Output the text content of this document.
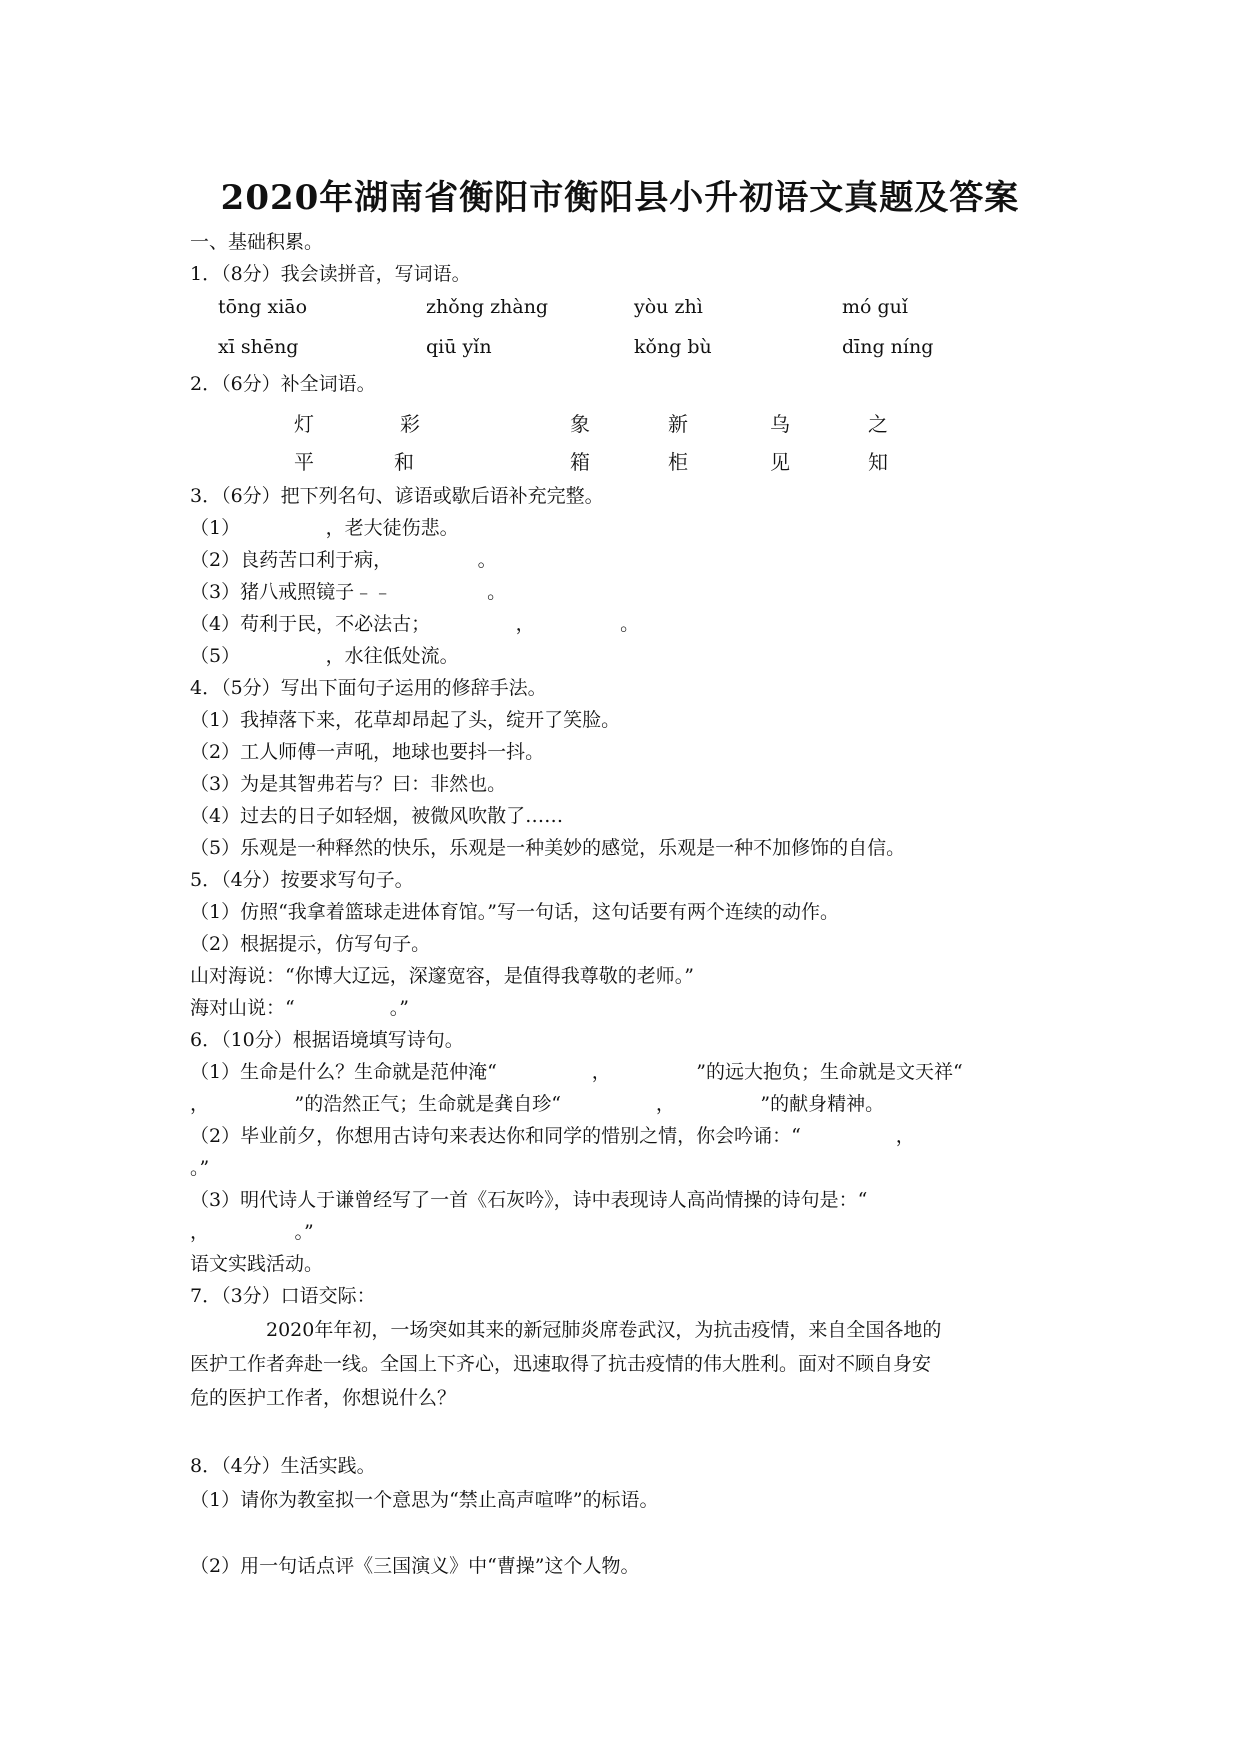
2020年湖南省衡阳市衡阳县小升初语文真题及答案
一、基础积累。
1．（8分）我会读拼音，写词语。
tōng xiāo	zhǒng zhàng	yòu zhì	mó guǐ
xī shēng	qiū yǐn	kǒng bù	dīng níng
2．（6分）补全词语。
灯	彩	象	新	乌	之
平	和	箱	柜	见	知
3．（6分）把下列名句、谚语或歇后语补充完整。
（1）　　　　　，老大徒伤悲。
（2）良药苦口利于病，　　　　　。
（3）猪八戒照镜子﹣﹣　　　　　。
（4）苟利于民，不必法古；　　　　　，　　　　　。
（5）　　　　　，水往低处流。
4．（5分）写出下面句子运用的修辞手法。
（1）我掉落下来，花草却昂起了头，绽开了笑脸。
（2）工人师傅一声吼，地球也要抖一抖。
（3）为是其智弗若与？曰：非然也。
（4）过去的日子如轻烟，被微风吹散了……
（5）乐观是一种释然的快乐，乐观是一种美妙的感觉，乐观是一种不加修饰的自信。
5．（4分）按要求写句子。
（1）仿照“我拿着篮球走进体育馆。”写一句话，这句话要有两个连续的动作。
（2）根据提示，仿写句子。
山对海说：“你博大辽远，深邃宽容，是值得我尊敬的老师。”
海对山说：“　　　　　。”
6．（10分）根据语境填写诗句。
（1）生命是什么？生命就是范仲淹“　　　　　，　　　　　”的远大抱负；生命就是文天祥“
，　　　　　”的浩然正气；生命就是龚自珍“　　　　　，　　　　　”的献身精神。
（2）毕业前夕，你想用古诗句来表达你和同学的惜别之情，你会吟诵：“　　　　　，
。”
（3）明代诗人于谦曾经写了一首《石灰吟》，诗中表现诗人高尚情操的诗句是：“
，　　　　　。”
语文实践活动。
7．（3分）口语交际：
2020年年初，一场突如其来的新冠肺炎席卷武汉，为抗击疫情，来自全国各地的
医护工作者奔赴一线。全国上下齐心，迅速取得了抗击疫情的伟大胜利。面对不顾自身安
危的医护工作者，你想说什么？
8．（4分）生活实践。
（1）请你为教室拟一个意思为“禁止高声喧哗”的标语。
（2）用一句话点评《三国演义》中“曹操”这个人物。
